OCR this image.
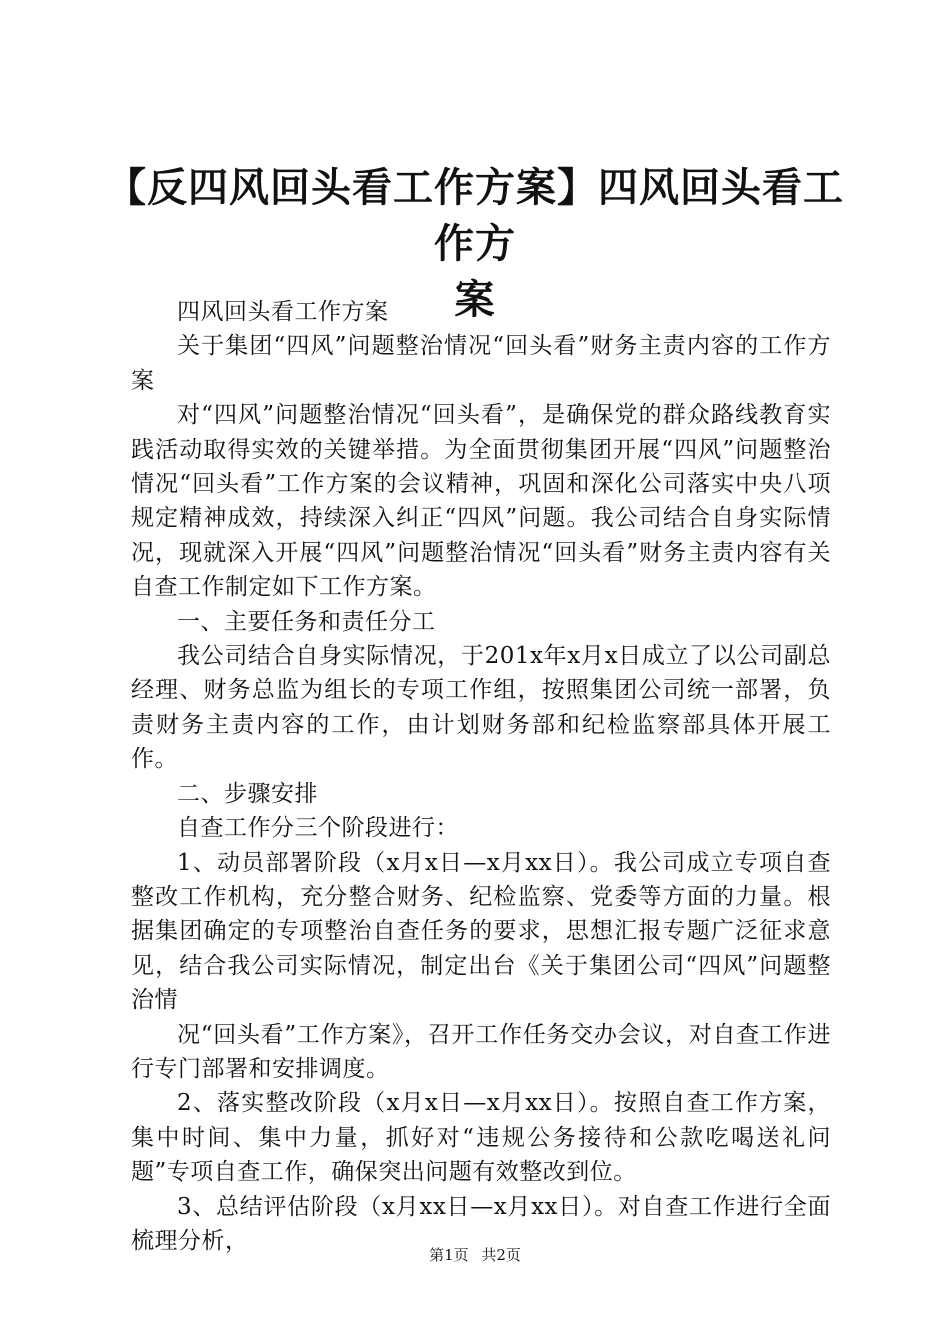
【反四风回头看工作方案】四风回头看工作方
案

四风回头看工作方案

关于集团“四风”问题整治情况“回头看”财务主责内容的工作方案

对“四风”问题整治情况“回头看”，是确保党的群众路线教育实践活动取得实效的关键举措。为全面贯彻集团开展“四风”问题整治情况“回头看”工作方案的会议精神，巩固和深化公司落实中央八项规定精神成效，持续深入纠正“四风”问题。我公司结合自身实际情况，现就深入开展“四风”问题整治情况“回头看”财务主责内容有关自查工作制定如下工作方案。

一、主要任务和责任分工

我公司结合自身实际情况，于201x年x月x日成立了以公司副总经理、财务总监为组长的专项工作组，按照集团公司统一部署，负责财务主责内容的工作，由计划财务部和纪检监察部具体开展工作。

二、步骤安排

自查工作分三个阶段进行：

1、动员部署阶段（x月x日—x月xx日）。我公司成立专项自查整改工作机构，充分整合财务、纪检监察、党委等方面的力量。根据集团确定的专项整治自查任务的要求，思想汇报专题广泛征求意见，结合我公司实际情况，制定出台《关于集团公司“四风”问题整治情

况“回头看”工作方案》，召开工作任务交办会议，对自查工作进行专门部署和安排调度。

2、落实整改阶段（x月x日—x月xx日）。按照自查工作方案，集中时间、集中力量，抓好对“违规公务接待和公款吃喝送礼问题”专项自查工作，确保突出问题有效整改到位。

3、总结评估阶段（x月xx日—x月xx日）。对自查工作进行全面梳理分析，

第1页 共2页
